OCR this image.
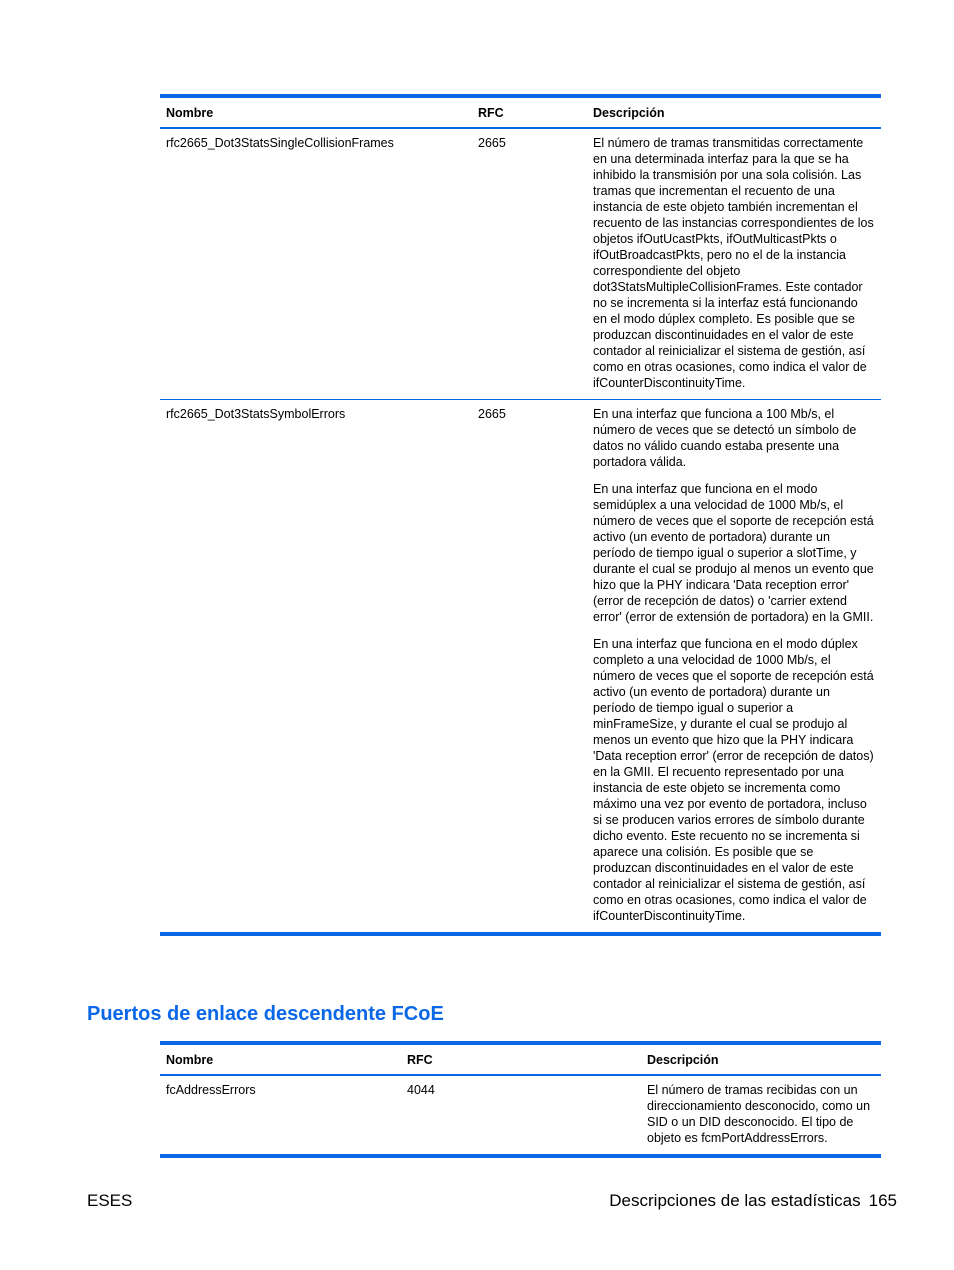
Nombre	RFC	Descripción
rfc2665_Dot3StatsSingleCollisionFrames	2665	El número de tramas transmitidas correctamente en una determinada interfaz para la que se ha inhibido la transmisión por una sola colisión. Las tramas que incrementan el recuento de una instancia de este objeto también incrementan el recuento de las instancias correspondientes de los objetos ifOutUcastPkts, ifOutMulticastPkts o ifOutBroadcastPkts, pero no el de la instancia correspondiente del objeto dot3StatsMultipleCollisionFrames. Este contador no se incrementa si la interfaz está funcionando en el modo dúplex completo. Es posible que se produzcan discontinuidades en el valor de este contador al reinicializar el sistema de gestión, así como en otras ocasiones, como indica el valor de ifCounterDiscontinuityTime.

rfc2665_Dot3StatsSymbolErrors	2665	En una interfaz que funciona a 100 Mb/s, el número de veces que se detectó un símbolo de datos no válido cuando estaba presente una portadora válida.

En una interfaz que funciona en el modo semidúplex a una velocidad de 1000 Mb/s, el número de veces que el soporte de recepción está activo (un evento de portadora) durante un período de tiempo igual o superior a slotTime, y durante el cual se produjo al menos un evento que hizo que la PHY indicara 'Data reception error' (error de recepción de datos) o 'carrier extend error' (error de extensión de portadora) en la GMII.

En una interfaz que funciona en el modo dúplex completo a una velocidad de 1000 Mb/s, el número de veces que el soporte de recepción está activo (un evento de portadora) durante un período de tiempo igual o superior a minFrameSize, y durante el cual se produjo al menos un evento que hizo que la PHY indicara 'Data reception error' (error de recepción de datos) en la GMII. El recuento representado por una instancia de este objeto se incrementa como máximo una vez por evento de portadora, incluso si se producen varios errores de símbolo durante dicho evento. Este recuento no se incrementa si aparece una colisión. Es posible que se produzcan discontinuidades en el valor de este contador al reinicializar el sistema de gestión, así como en otras ocasiones, como indica el valor de ifCounterDiscontinuityTime.

Puertos de enlace descendente FCoE
Nombre	RFC	Descripción
fcAddressErrors	4044	El número de tramas recibidas con un direccionamiento desconocido, como un SID o un DID desconocido. El tipo de objeto es fcmPortAddressErrors.

ESES	Descripciones de las estadísticas 165
